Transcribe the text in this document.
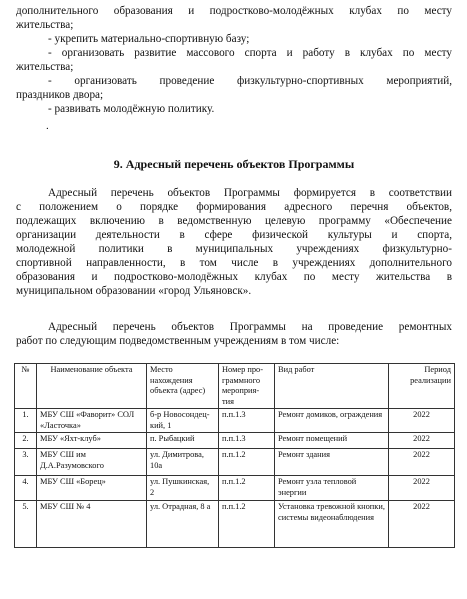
дополнительного образования и подростково-молодёжных клубах по месту
жительства;
- укрепить материально-спортивную базу;
- организовать развитие массового спорта и работу в клубах по месту
жительства;
- организовать проведение физкультурно-спортивных мероприятий,
праздников двора;
- развивать молодёжную политику.
.
9. Адресный перечень объектов Программы
Адресный перечень объектов Программы формируется в соответствии
с положением о порядке формирования адресного перечня объектов,
подлежащих включению в ведомственную целевую программу «Обеспечение
организации деятельности в сфере физической культуры и спорта,
молодежной политики в муниципальных учреждениях физкультурно-
спортивной направленности, в том числе в учреждениях дополнительного
образования и подростково-молодёжных клубах по месту жительства в
муниципальном образовании «город Ульяновск».
Адресный перечень объектов Программы на проведение ремонтных
работ по следующим подведомственным учреждениям в том числе:
№	Наименование объекта	Место нахождения объекта (адрес)	Номер про-граммного мероприя-тия	Вид работ	Период реализации
1.	МБУ СШ «Фаворит» СОЛ «Ласточка»	б-р Новосондец-кий, 1	п.п.1.3	Ремонт домиков, ограждения	2022
2.	МБУ «Яхт-клуб»	п. Рыбацкий	п.п.1.3	Ремонт помещений	2022
3.	МБУ СШ им Д.А.Разумовского	ул. Димитрова, 10а	п.п.1.2	Ремонт здания	2022
4.	МБУ СШ «Борец»	ул. Пушкинская, 2	п.п.1.2	Ремонт узла тепловой энергии	2022
5.	МБУ СШ № 4	ул. Отрадная, 8 а	п.п.1.2	Установка тревожной кнопки, системы видеонаблюдения	2022
